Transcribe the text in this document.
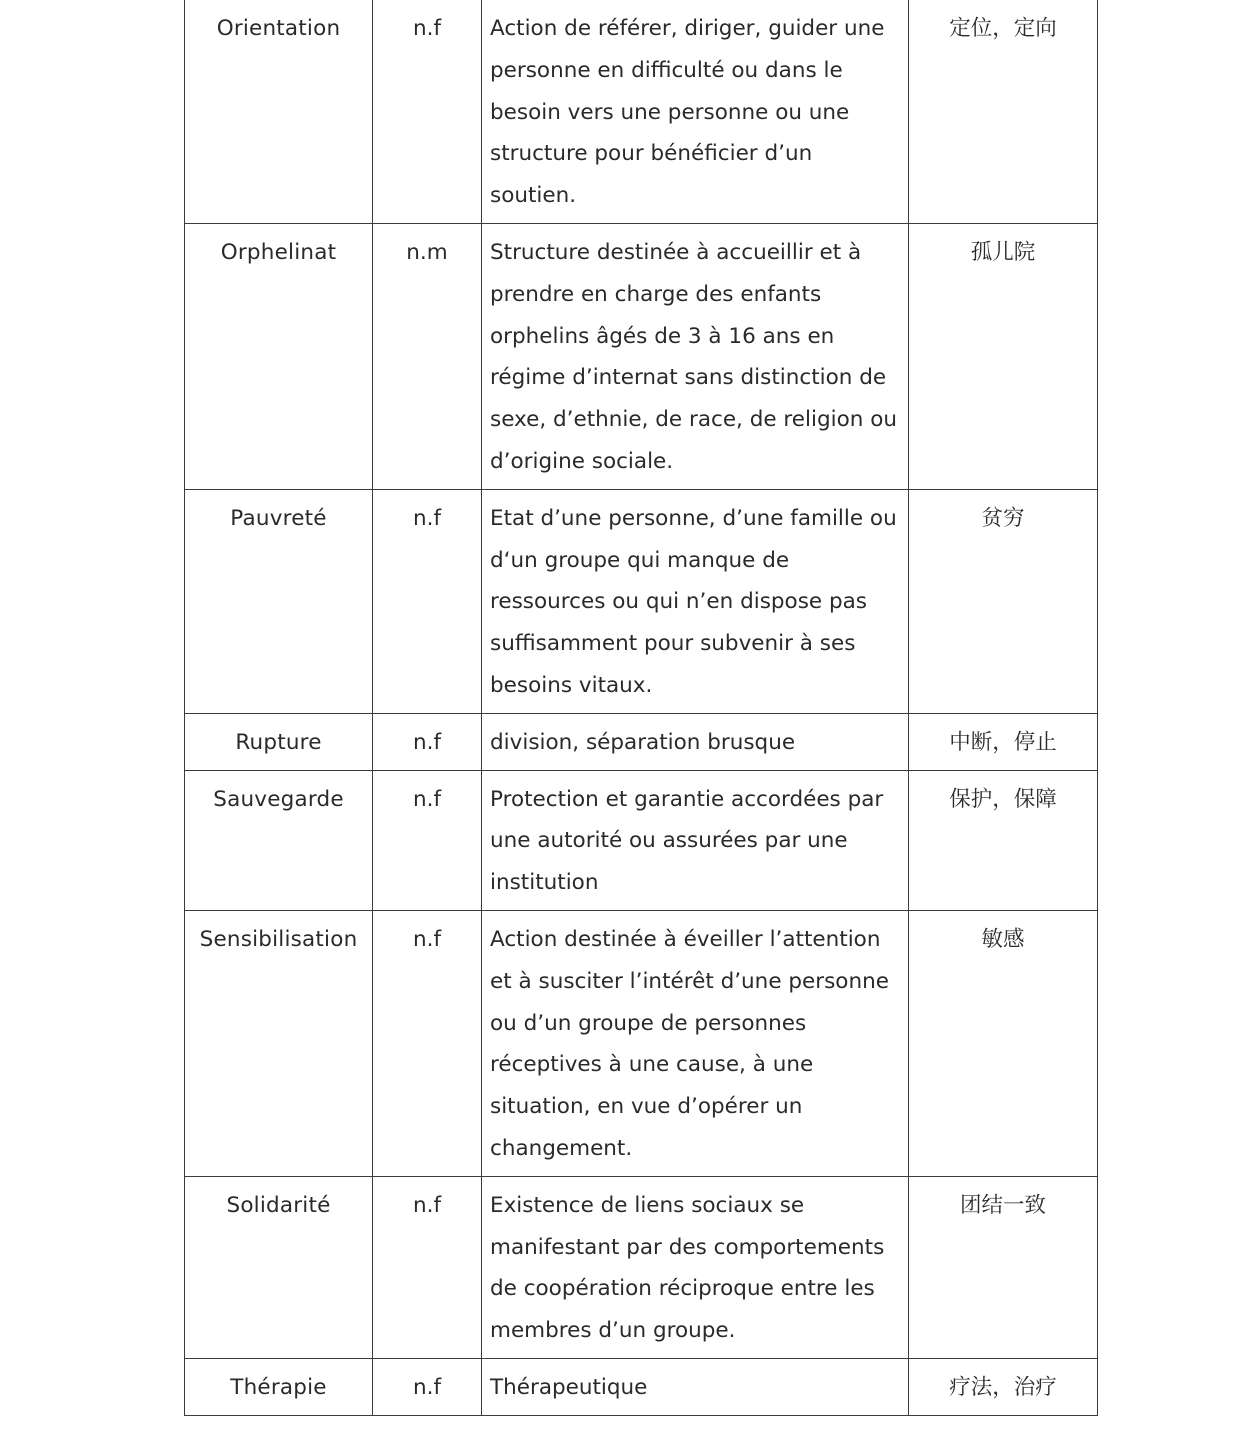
Orientation	n.f	Action de référer, diriger, guider une personne en difficulté ou dans le besoin vers une personne ou une structure pour bénéficier d’un soutien.	定位，定向
Orphelinat	n.m	Structure destinée à accueillir et à prendre en charge des enfants orphelins âgés de 3 à 16 ans en régime d’internat sans distinction de sexe, d’ethnie, de race, de religion ou d’origine sociale.	孤儿院
Pauvreté	n.f	Etat d’une personne, d’une famille ou d‘un groupe qui manque de ressources ou qui n’en dispose pas suffisamment pour subvenir à ses besoins vitaux.	贫穷
Rupture	n.f	division, séparation brusque	中断，停止
Sauvegarde	n.f	Protection et garantie accordées par une autorité ou assurées par une institution	保护，保障
Sensibilisation	n.f	Action destinée à éveiller l’attention et à susciter l’intérêt d’une personne ou d’un groupe de personnes réceptives à une cause, à une situation, en vue d’opérer un changement.	敏感
Solidarité	n.f	Existence de liens sociaux se manifestant par des comportements de coopération réciproque entre les membres d’un groupe.	团结一致
Thérapie	n.f	Thérapeutique	疗法，治疗
